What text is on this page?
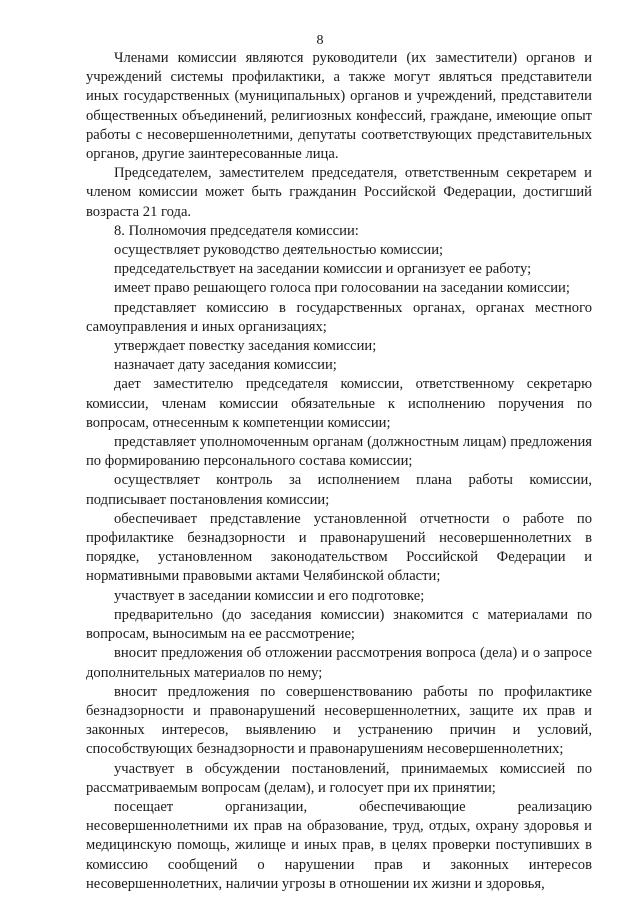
8

Членами комиссии являются руководители (их заместители) органов и учреждений системы профилактики, а также могут являться представители иных государственных (муниципальных) органов и учреждений, представители общественных объединений, религиозных конфессий, граждане, имеющие опыт работы с несовершеннолетними, депутаты соответствующих представительных органов, другие заинтересованные лица.

Председателем, заместителем председателя, ответственным секретарем и членом комиссии может быть гражданин Российской Федерации, достигший возраста 21 года.

8. Полномочия председателя комиссии:

осуществляет руководство деятельностью комиссии;

председательствует на заседании комиссии и организует ее работу;

имеет право решающего голоса при голосовании на заседании комиссии;

представляет комиссию в государственных органах, органах местного самоуправления и иных организациях;

утверждает повестку заседания комиссии;

назначает дату заседания комиссии;

дает заместителю председателя комиссии, ответственному секретарю комиссии, членам комиссии обязательные к исполнению поручения по вопросам, отнесенным к компетенции комиссии;

представляет уполномоченным органам (должностным лицам) предложения по формированию персонального состава комиссии;

осуществляет контроль за исполнением плана работы комиссии, подписывает постановления комиссии;

обеспечивает представление установленной отчетности о работе по профилактике безнадзорности и правонарушений несовершеннолетних в порядке, установленном законодательством Российской Федерации и нормативными правовыми актами Челябинской области;

участвует в заседании комиссии и его подготовке;

предварительно (до заседания комиссии) знакомится с материалами по вопросам, выносимым на ее рассмотрение;

вносит предложения об отложении рассмотрения вопроса (дела) и о запросе дополнительных материалов по нему;

вносит предложения по совершенствованию работы по профилактике безнадзорности и правонарушений несовершеннолетних, защите их прав и законных интересов, выявлению и устранению причин и условий, способствующих безнадзорности и правонарушениям несовершеннолетних;

участвует в обсуждении постановлений, принимаемых комиссией по рассматриваемым вопросам (делам), и голосует при их принятии;

посещает организации, обеспечивающие реализацию несовершеннолетними их прав на образование, труд, отдых, охрану здоровья и медицинскую помощь, жилище и иных прав, в целях проверки поступивших в комиссию сообщений о нарушении прав и законных интересов несовершеннолетних, наличии угрозы в отношении их жизни и здоровья,
